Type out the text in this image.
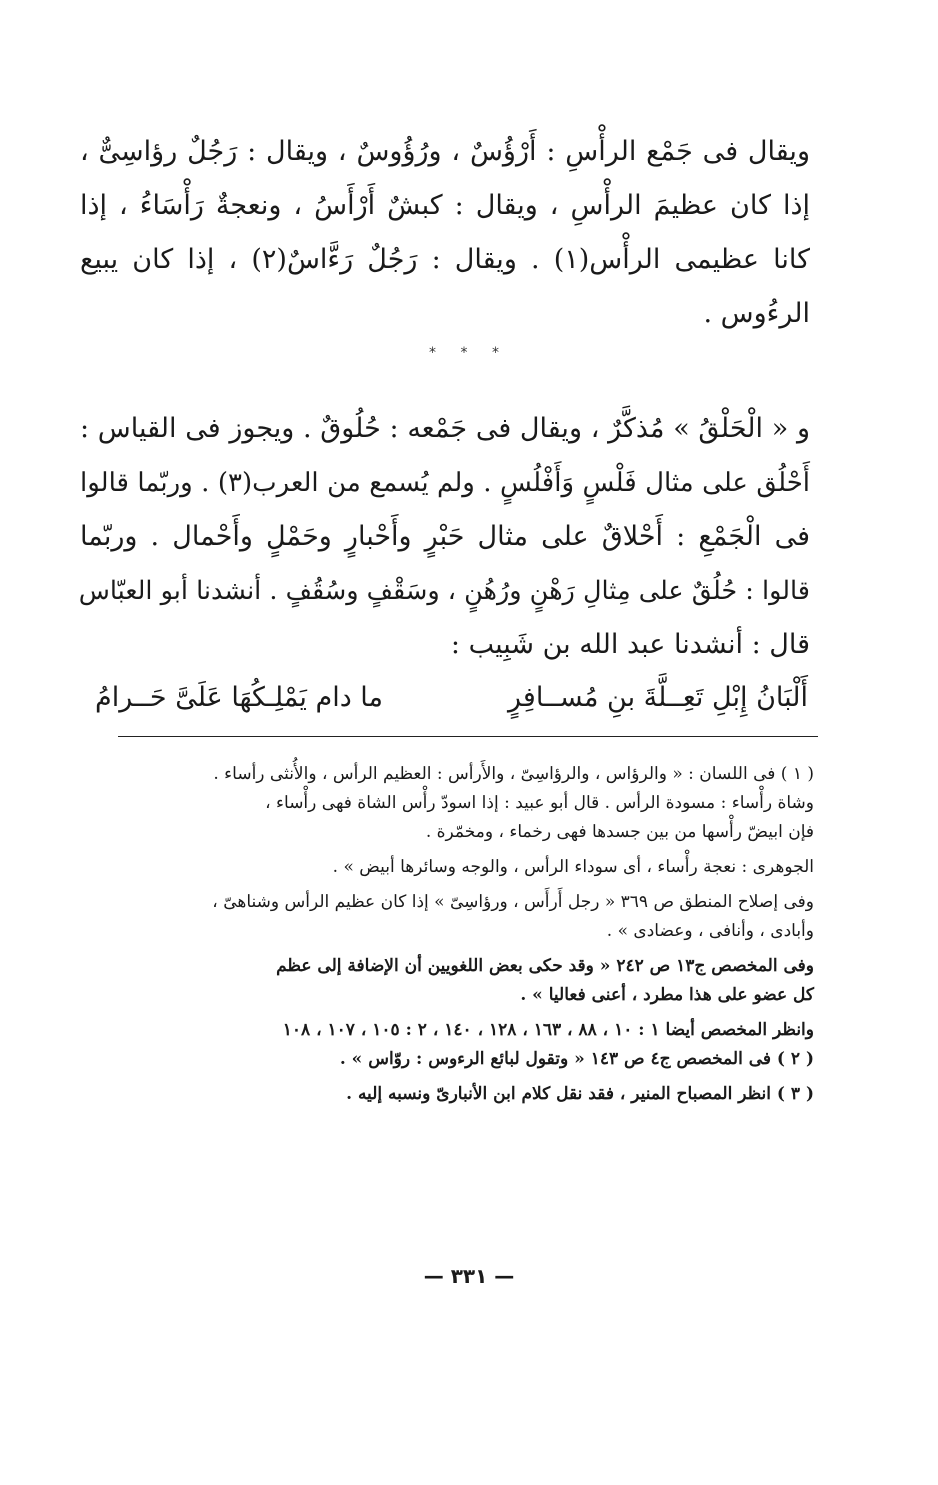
ويقال فى جَمْع الرأْسِ : أَرْؤُسٌ ، ورُؤُوسٌ ، ويقال : رَجُلٌ رؤاسِىٌّ ،
إذا كان عظيمَ الرأْسِ ، ويقال : كبشٌ أَرْأَسُ ، ونعجةٌ رَأْسَاءُ ، إذا
كانا عظيمى الرأْس(١) . ويقال : رَجُلٌ رَءَّاسٌ(٢) ، إذا كان يبيع
الرءُوس .
* * *
و « الْحَلْقُ » مُذكَّرٌ ، ويقال فى جَمْعه : حُلُوقٌ . ويجوز فى القياس :
أَحْلُق على مثال فَلْسٍ وَأَفْلُسٍ . ولم يُسمع من العرب(٣) . وربّما قالوا
فى الْجَمْعِ : أَحْلاقٌ على مثال حَبْرٍ وأَحْبارٍ وحَمْلٍ وأَحْمال . وربّما
قالوا : حُلُقٌ على مِثالِ رَهْنٍ ورُهُنٍ ، وسَقْفٍ وسُقُفٍ . أنشدنا أبو العبّاس
قال : أنشدنا عبد الله بن شَبِيب :
أَلْبَانُ إِبْلِ تَعِــلَّةَ بنِ مُســافِرٍ
ما دام يَمْلِـكُهَا عَلَىَّ حَــرامُ
( ١ ) فى اللسان : « والرؤاس ، والرؤاسِىّ ، والأَرأس : العظيم الرأس ، والأُنثى رأساء .
وشاة رأْساء : مسودة الرأس . قال أبو عبيد : إذا اسودّ رأْس الشاة فهى رأْساء ،
فإن ابيضّ رأْسها من بين جسدها فهى رخماء ، ومخمّرة .
الجوهرى : نعجة رأْساء ، أى سوداء الرأس ، والوجه وسائرها أبيض » .
وفى إصلاح المنطق ص ٣٦٩ « رجل أَرأَس ، ورؤاسِىّ » إذا كان عظيم الرأس وشناهىّ ،
وأبادى ، وأنافى ، وعضادى » .
وفى المخصص ج١٣ ص ٢٤٢ « وقد حكى بعض اللغويين أن الإضافة إلى عظم
كل عضو على هذا مطرد ، أعنى فعاليا » .
وانظر المخصص أيضا ١ : ١٠ ، ٨٨ ، ١٦٣ ، ١٢٨ ، ١٤٠ ، ٢ : ١٠٥ ، ١٠٧ ، ١٠٨
( ٢ ) فى المخصص ج٤ ص ١٤٣ « وتقول لبائع الرءوس : روّاس » .
( ٣ ) انظر المصباح المنير ، فقد نقل كلام ابن الأنبارىّ ونسبه إليه .
— ٣٣١ —
